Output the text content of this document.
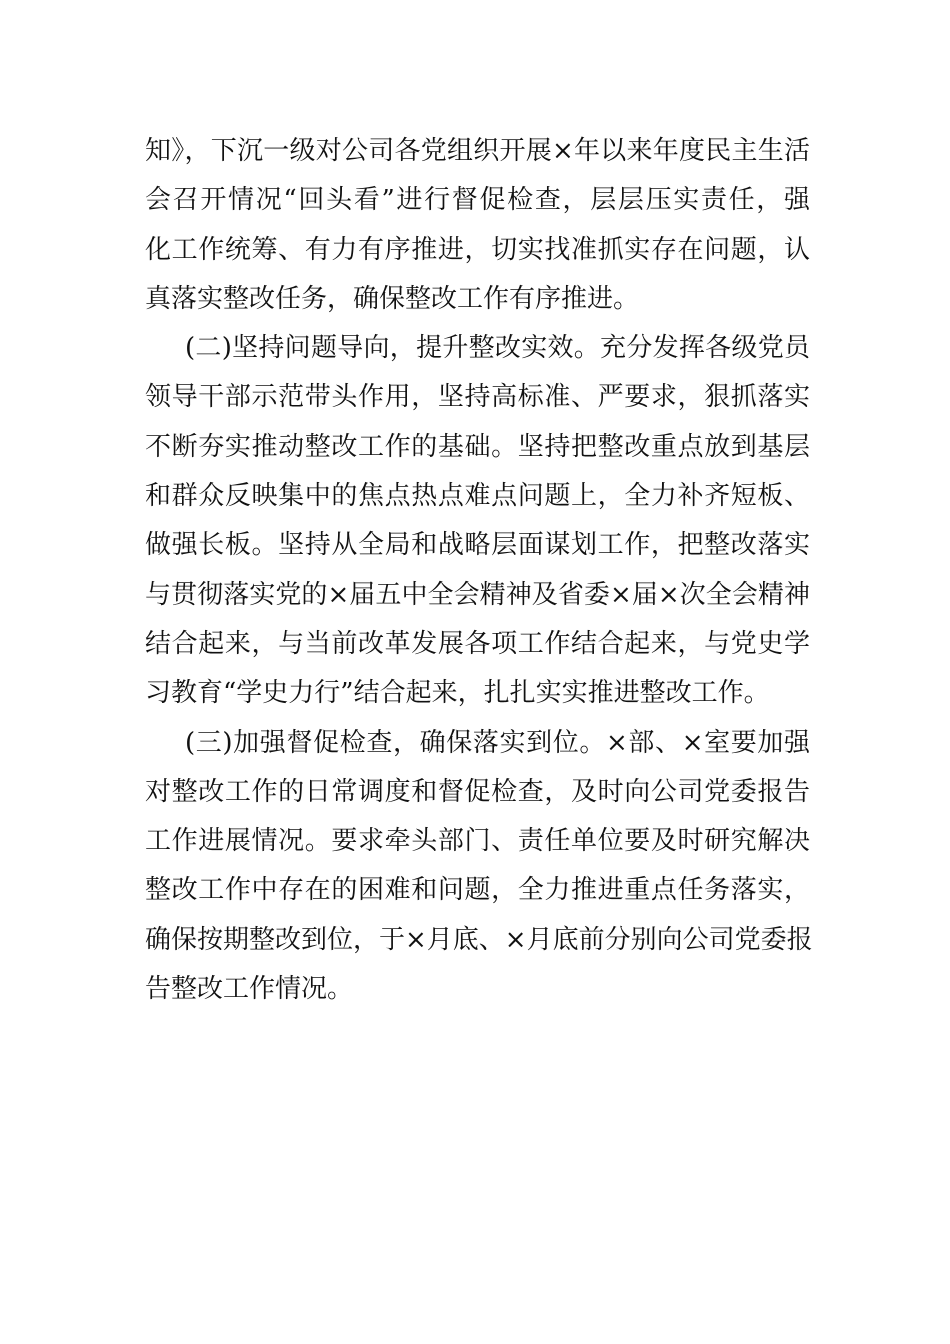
知》，下沉一级对公司各党组织开展×年以来年度民主生活
会召开情况“回头看”进行督促检查，层层压实责任，强
化工作统筹、有力有序推进，切实找准抓实存在问题，认
真落实整改任务，确保整改工作有序推进。
(二)坚持问题导向，提升整改实效。充分发挥各级党员
领导干部示范带头作用，坚持高标准、严要求，狠抓落实
不断夯实推动整改工作的基础。坚持把整改重点放到基层
和群众反映集中的焦点热点难点问题上，全力补齐短板、
做强长板。坚持从全局和战略层面谋划工作，把整改落实
与贯彻落实党的×届五中全会精神及省委×届×次全会精神
结合起来，与当前改革发展各项工作结合起来，与党史学
习教育“学史力行”结合起来，扎扎实实推进整改工作。
(三)加强督促检查，确保落实到位。×部、×室要加强
对整改工作的日常调度和督促检查，及时向公司党委报告
工作进展情况。要求牵头部门、责任单位要及时研究解决
整改工作中存在的困难和问题，全力推进重点任务落实，
确保按期整改到位，于×月底、×月底前分别向公司党委报
告整改工作情况。
